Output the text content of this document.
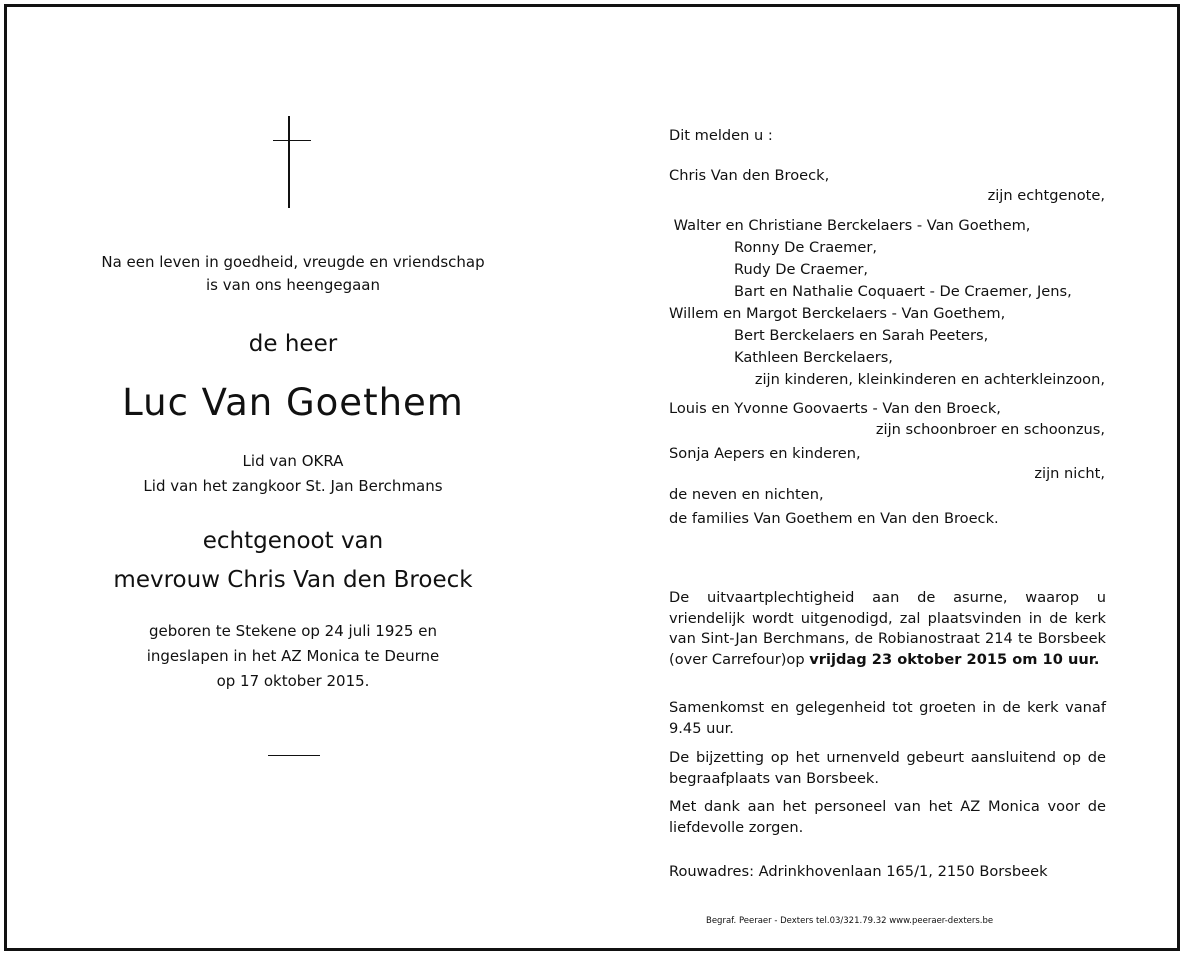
Na een leven in goedheid, vreugde en vriendschap
is van ons heengegaan
de heer
Luc Van Goethem
Lid van OKRA
Lid van het zangkoor St. Jan Berchmans
echtgenoot van
mevrouw Chris Van den Broeck
geboren te Stekene op 24 juli 1925 en
ingeslapen in het AZ Monica te Deurne
op 17 oktober 2015.
Dit melden u :
Chris Van den Broeck,
zijn echtgenote,
Walter en Christiane Berckelaers - Van Goethem,
Ronny De Craemer,
Rudy De Craemer,
Bart en Nathalie Coquaert - De Craemer, Jens,
Willem en Margot Berckelaers - Van Goethem,
Bert Berckelaers en Sarah Peeters,
Kathleen Berckelaers,
zijn kinderen, kleinkinderen en achterkleinzoon,
Louis en Yvonne Goovaerts - Van den Broeck,
zijn schoonbroer en schoonzus,
Sonja Aepers en kinderen,
zijn nicht,
de neven en nichten,
de families Van Goethem en Van den Broeck.
De uitvaartplechtigheid aan de asurne, waarop u vriendelijk wordt uitgenodigd, zal plaatsvinden in de kerk van Sint-Jan Berchmans, de Robianostraat 214 te Borsbeek (over Carrefour)op vrijdag 23 oktober 2015 om 10 uur.
Samenkomst en gelegenheid tot groeten in de kerk vanaf 9.45 uur.
De bijzetting op het urnenveld gebeurt aansluitend op de begraafplaats van Borsbeek.
Met dank aan het personeel van het AZ Monica voor de liefdevolle zorgen.
Rouwadres: Adrinkhovenlaan 165/1, 2150 Borsbeek
Begraf. Peeraer - Dexters tel.03/321.79.32 www.peeraer-dexters.be
